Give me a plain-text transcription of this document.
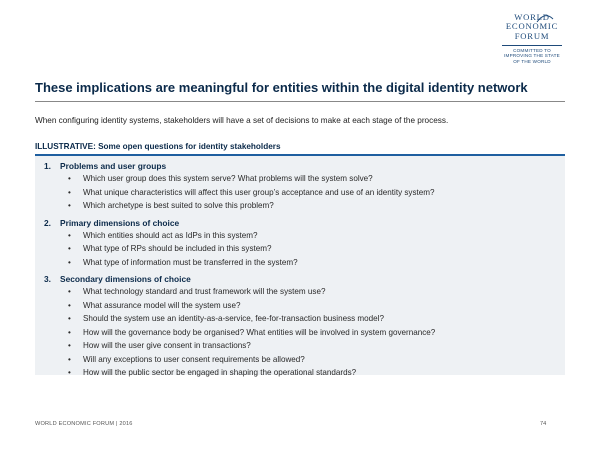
WORLD
ECONOMIC
FORUM
COMMITTED TO
IMPROVING THE STATE
OF THE WORLD
These implications are meaningful for entities within the digital identity network
When configuring identity systems, stakeholders will have a set of decisions to make at each stage of the process.
ILLUSTRATIVE: Some open questions for identity stakeholders
1. Problems and user groups
• Which user group does this system serve? What problems will the system solve?
• What unique characteristics will affect this user group’s acceptance and use of an identity system?
• Which archetype is best suited to solve this problem?
2. Primary dimensions of choice
• Which entities should act as IdPs in this system?
• What type of RPs should be included in this system?
• What type of information must be transferred in the system?
3. Secondary dimensions of choice
• What technology standard and trust framework will the system use?
• What assurance model will the system use?
• Should the system use an identity-as-a-service, fee-for-transaction business model?
• How will the governance body be organised? What entities will be involved in system governance?
• How will the user give consent in transactions?
• Will any exceptions to user consent requirements be allowed?
• How will the public sector be engaged in shaping the operational standards?
WORLD ECONOMIC FORUM | 2016	74
